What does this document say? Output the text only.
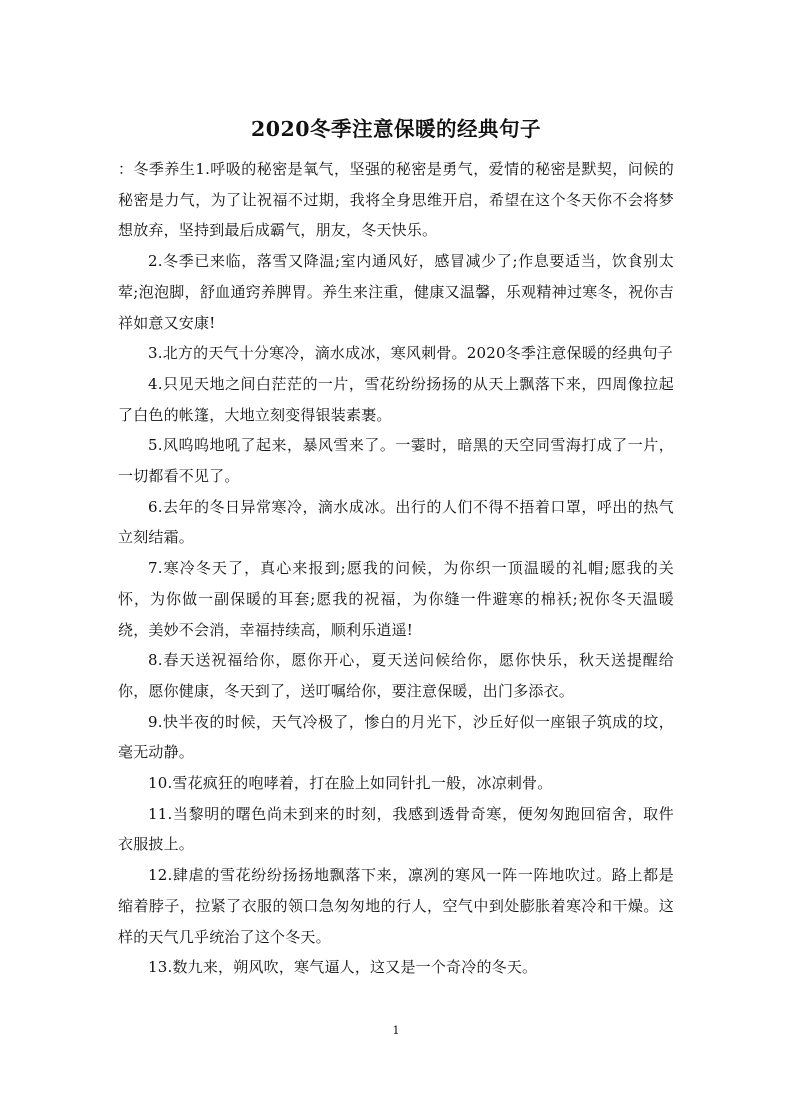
2020冬季注意保暖的经典句子

：冬季养生1.呼吸的秘密是氧气，坚强的秘密是勇气，爱情的秘密是默契，问候的秘密是力气，为了让祝福不过期，我将全身思维开启，希望在这个冬天你不会将梦想放弃，坚持到最后成霸气，朋友，冬天快乐。

2.冬季已来临，落雪又降温;室内通风好，感冒减少了;作息要适当，饮食别太荤;泡泡脚，舒血通窍养脾胃。养生来注重，健康又温馨，乐观精神过寒冬，祝你吉祥如意又安康!

3.北方的天气十分寒冷，滴水成冰，寒风刺骨。2020冬季注意保暖的经典句子

4.只见天地之间白茫茫的一片，雪花纷纷扬扬的从天上飘落下来，四周像拉起了白色的帐篷，大地立刻变得银装素裹。

5.风呜呜地吼了起来，暴风雪来了。一霎时，暗黑的天空同雪海打成了一片，一切都看不见了。

6.去年的冬日异常寒冷，滴水成冰。出行的人们不得不捂着口罩，呼出的热气立刻结霜。

7.寒冷冬天了，真心来报到;愿我的问候，为你织一顶温暖的礼帽;愿我的关怀，为你做一副保暖的耳套;愿我的祝福，为你缝一件避寒的棉袄;祝你冬天温暖绕，美妙不会消，幸福持续高，顺利乐逍遥!

8.春天送祝福给你，愿你开心，夏天送问候给你，愿你快乐，秋天送提醒给你，愿你健康，冬天到了，送叮嘱给你，要注意保暖，出门多添衣。

9.快半夜的时候，天气冷极了，惨白的月光下，沙丘好似一座银子筑成的坟，毫无动静。

10.雪花疯狂的咆哮着，打在脸上如同针扎一般，冰凉刺骨。

11.当黎明的曙色尚未到来的时刻，我感到透骨奇寒，便匆匆跑回宿舍，取件衣服披上。

12.肆虐的雪花纷纷扬扬地飘落下来，凛冽的寒风一阵一阵地吹过。路上都是缩着脖子，拉紧了衣服的领口急匆匆地的行人，空气中到处膨胀着寒冷和干燥。这样的天气几乎统治了这个冬天。

13.数九来，朔风吹，寒气逼人，这又是一个奇冷的冬天。

1
